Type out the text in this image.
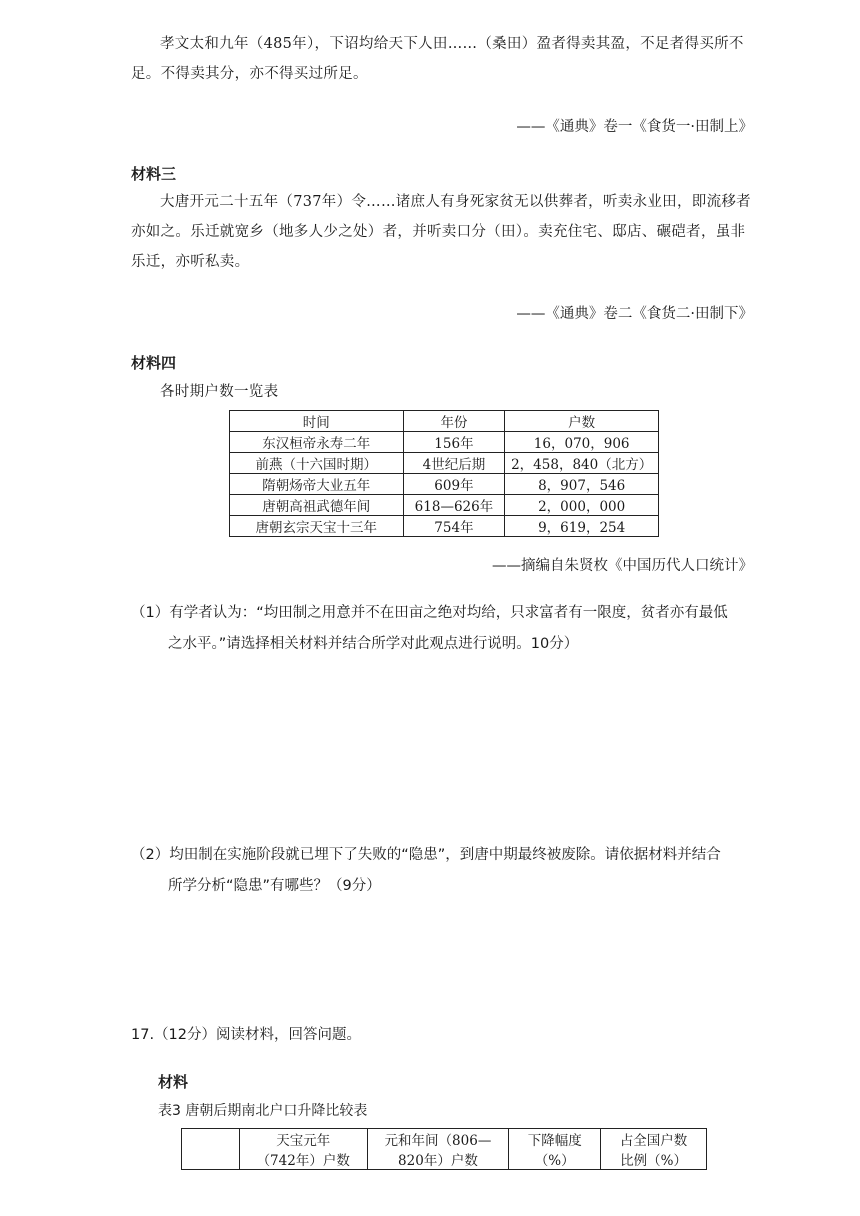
孝文太和九年（485年），下诏均给天下人田……（桑田）盈者得卖其盈，不足者得买所不
足。不得卖其分，亦不得买过所足。
——《通典》卷一《食货一·田制上》
材料三
大唐开元二十五年（737年）令……诸庶人有身死家贫无以供葬者，听卖永业田，即流移者
亦如之。乐迁就宽乡（地多人少之处）者，并听卖口分（田）。卖充住宅、邸店、碾硙者，虽非
乐迁，亦听私卖。
——《通典》卷二《食货二·田制下》
材料四
各时期户数一览表
时间	年份	户数
东汉桓帝永寿二年	156年	16，070，906
前燕（十六国时期）	4世纪后期	2，458，840（北方）
隋朝炀帝大业五年	609年	8，907，546
唐朝高祖武德年间	618—626年	2，000，000
唐朝玄宗天宝十三年	754年	9，619，254
——摘编自朱贤枚《中国历代人口统计》
（1）有学者认为：“均田制之用意并不在田亩之绝对均给，只求富者有一限度，贫者亦有最低
之水平。”请选择相关材料并结合所学对此观点进行说明。10分）
（2）均田制在实施阶段就已埋下了失败的“隐患”，到唐中期最终被废除。请依据材料并结合
所学分析“隐患”有哪些？（9分）
17.（12分）阅读材料，回答问题。
材料
表3 唐朝后期南北户口升降比较表
	天宝元年	元和年间（806—	下降幅度	占全国户数
	（742年）户数	820年）户数	（%）	比例（%）
